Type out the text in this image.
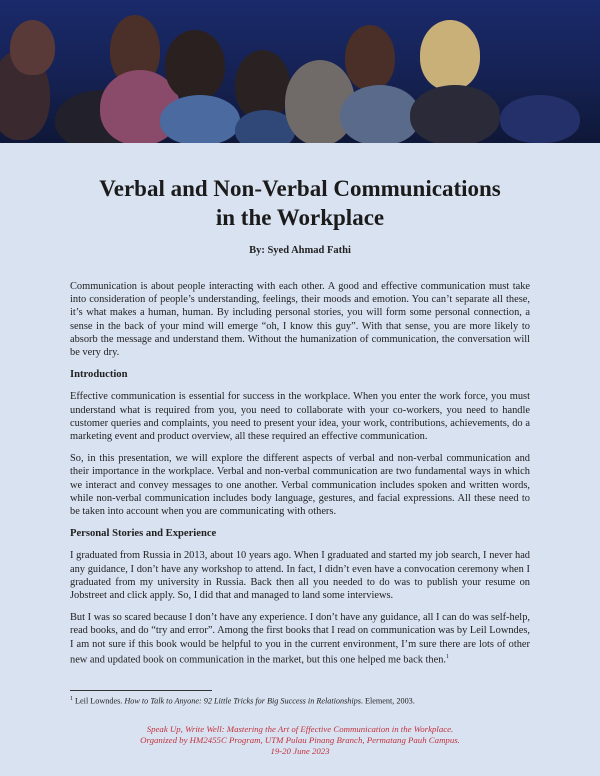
Verbal and Non-Verbal Communications
in the Workplace
By: Syed Ahmad Fathi

Communication is about people interacting with each other. A good and effective communication must take into consideration of people’s understanding, feelings, their moods and emotion. You can’t separate all these, it’s what makes a human, human. By including personal stories, you will form some personal connection, a sense in the back of your mind will emerge “oh, I know this guy”. With that sense, you are more likely to absorb the message and understand them. Without the humanization of communication, the conversation will be very dry.

Introduction

Effective communication is essential for success in the workplace. When you enter the work force, you must understand what is required from you, you need to collaborate with your co-workers, you need to handle customer queries and complaints, you need to present your idea, your work, contributions, achievements, do a marketing event and product overview, all these required an effective communication.

So, in this presentation, we will explore the different aspects of verbal and non-verbal communication and their importance in the workplace. Verbal and non-verbal communication are two fundamental ways in which we interact and convey messages to one another. Verbal communication includes spoken and written words, while non-verbal communication includes body language, gestures, and facial expressions. All these need to be taken into account when you are communicating with others.

Personal Stories and Experience

I graduated from Russia in 2013, about 10 years ago. When I graduated and started my job search, I never had any guidance, I don’t have any workshop to attend. In fact, I didn’t even have a convocation ceremony when I graduated from my university in Russia. Back then all you needed to do was to publish your resume on Jobstreet and click apply. So, I did that and managed to land some interviews.

But I was so scared because I don’t have any experience. I don’t have any guidance, all I can do was self-help, read books, and do “try and error”. Among the first books that I read on communication was by Leil Lowndes, I am not sure if this book would be helpful to you in the current environment, I’m sure there are lots of other new and updated book on communication in the market, but this one helped me back then.$^1$

$^1$ Leil Lowndes. How to Talk to Anyone: 92 Little Tricks for Big Success in Relationships. Element, 2003.
Speak Up, Write Well: Mastering the Art of Effective Communication in the Workplace.
Organized by HM2455C Program, UTM Pulau Pinang Branch, Permatang Pauh Campus.
19-20 June 2023
